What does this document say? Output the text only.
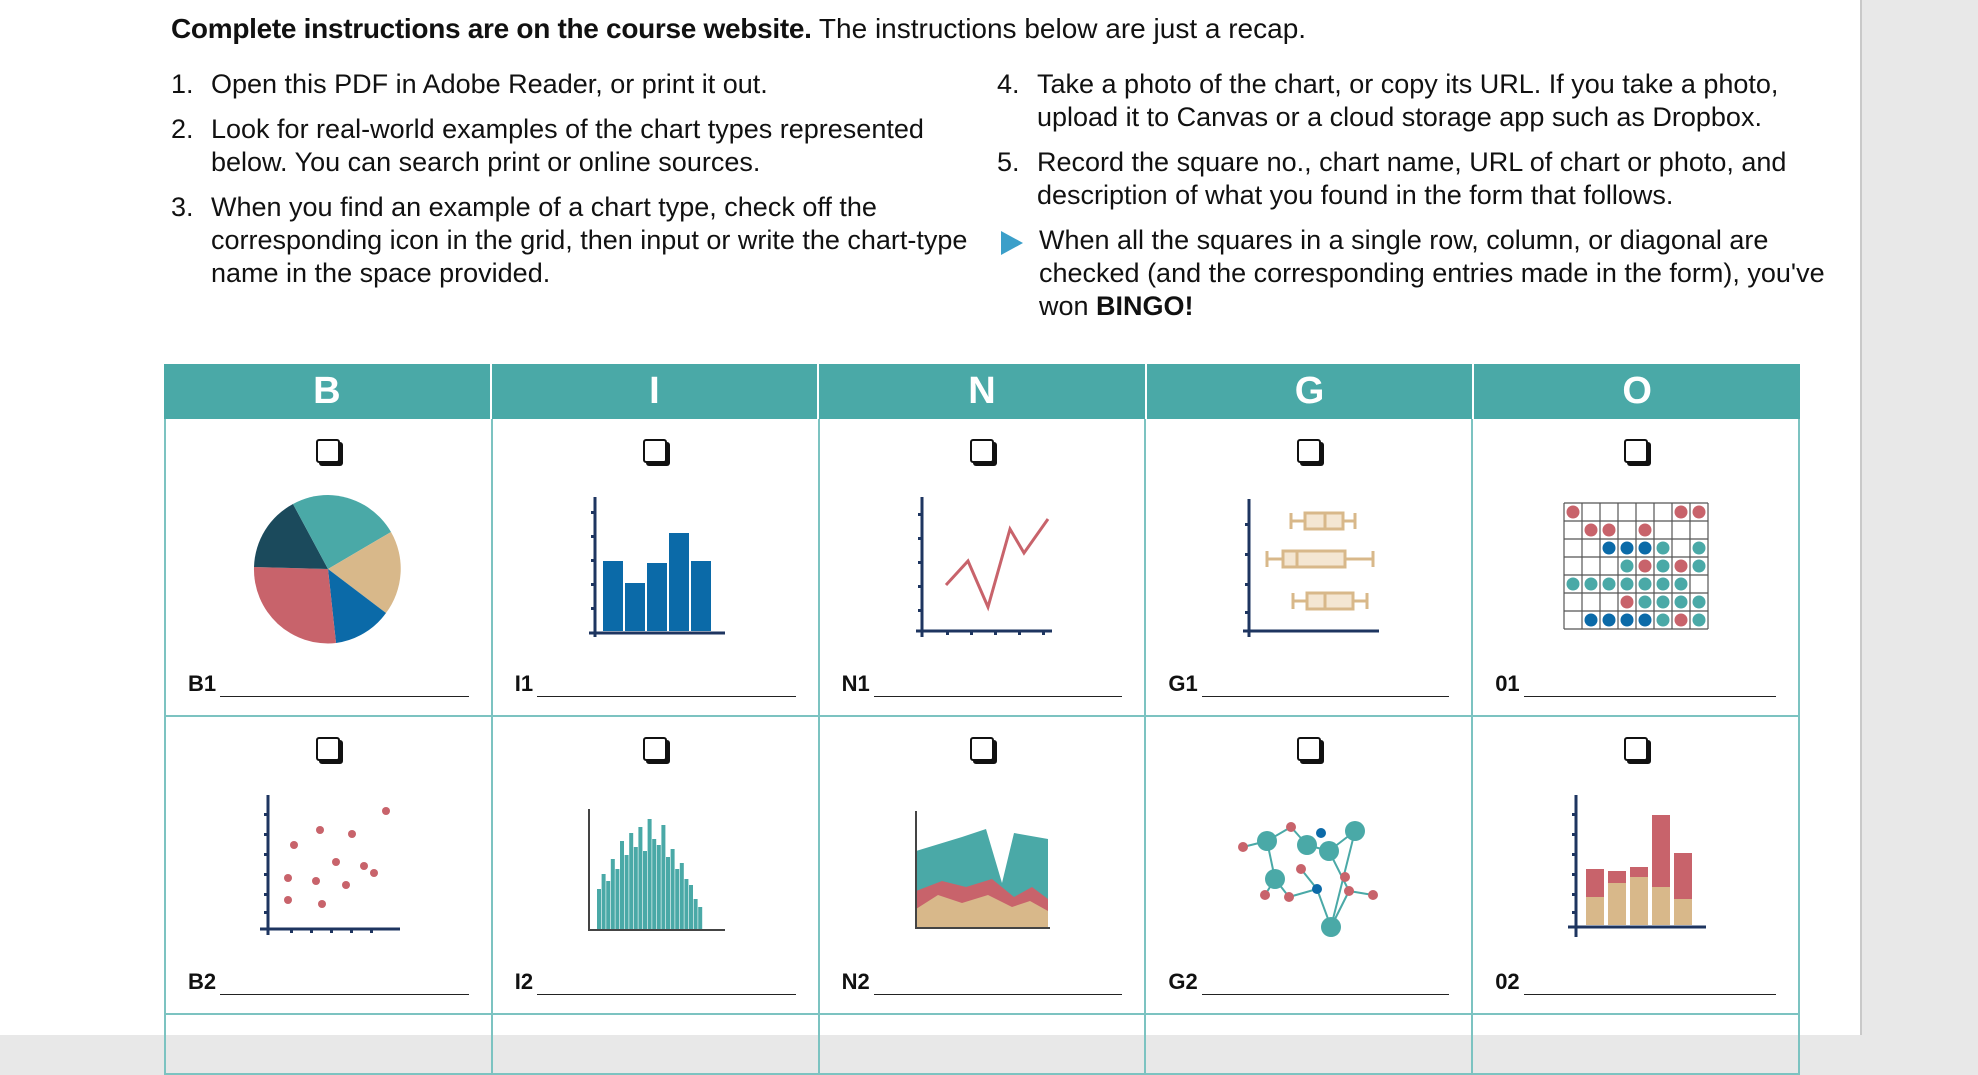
Complete instructions are on the course website. The instructions below are just a recap.
1. Open this PDF in Adobe Reader, or print it out.
2. Look for real-world examples of the chart types represented below. You can search print or online sources.
3. When you find an example of a chart type, check off the corresponding icon in the grid, then input or write the chart-type name in the space provided.
4. Take a photo of the chart, or copy its URL. If you take a photo, upload it to Canvas or a cloud storage app such as Dropbox.
5. Record the square no., chart name, URL of chart or photo, and description of what you found in the form that follows.
When all the squares in a single row, column, or diagonal are checked (and the corresponding entries made in the form), you've won BINGO!
B	I	N	G	O
B1	I1	N1	G1	01
B2	I2	N2	G2	02
